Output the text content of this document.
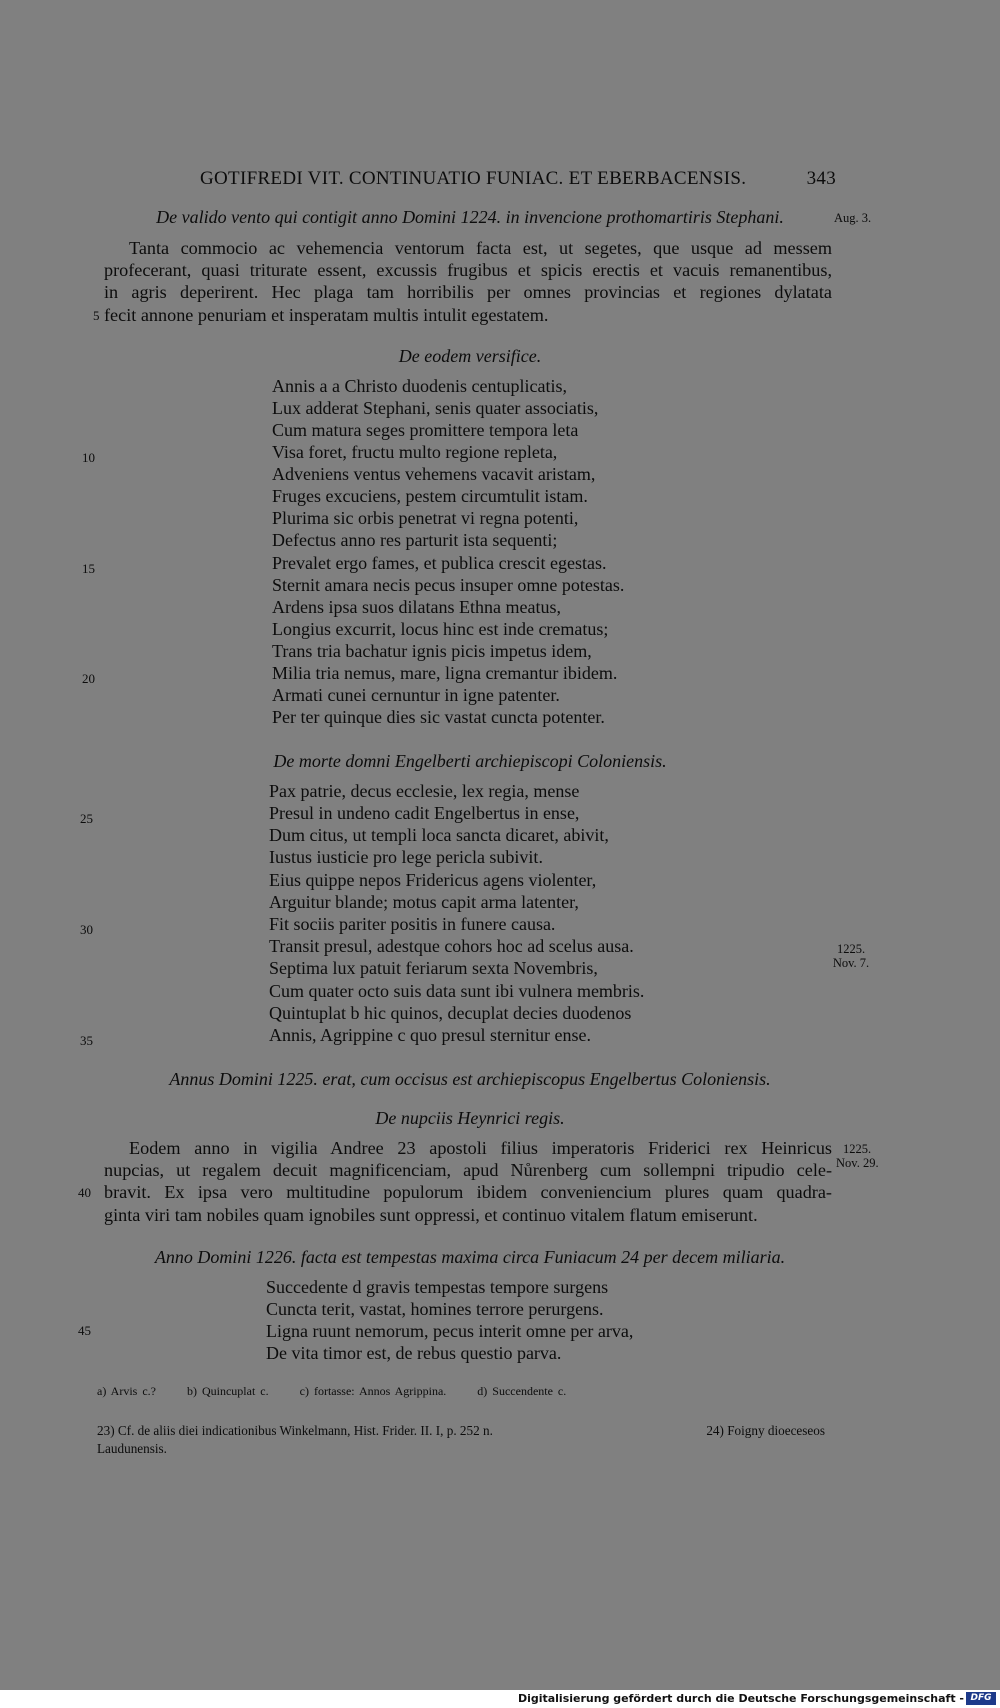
GOTIFREDI VIT. CONTINUATIO FUNIAC. ET EBERBACENSIS.	343
De valido vento qui contigit anno Domini 1224. in invencione prothomartiris Stephani.	Aug. 3.
Tanta commocio ac vehemencia ventorum facta est, ut segetes, que usque ad messem
profecerant, quasi triturate essent, excussis frugibus et spicis erectis et vacuis remanentibus,
in agris deperirent. Hec plaga tam horribilis per omnes provincias et regiones dylatata
fecit annone penuriam et insperatam multis intulit egestatem.
De eodem versifice.
Annis a a Christo duodenis centuplicatis,
Lux adderat Stephani, senis quater associatis,
Cum matura seges promittere tempora leta
Visa foret, fructu multo regione repleta,
Adveniens ventus vehemens vacavit aristam,
Fruges excuciens, pestem circumtulit istam.
Plurima sic orbis penetrat vi regna potenti,
Defectus anno res parturit ista sequenti;
Prevalet ergo fames, et publica crescit egestas.
Sternit amara necis pecus insuper omne potestas.
Ardens ipsa suos dilatans Ethna meatus,
Longius excurrit, locus hinc est inde crematus;
Trans tria bachatur ignis picis impetus idem,
Milia tria nemus, mare, ligna cremantur ibidem.
Armati cunei cernuntur in igne patenter.
Per ter quinque dies sic vastat cuncta potenter.
De morte domni Engelberti archiepiscopi Coloniensis.
Pax patrie, decus ecclesie, lex regia, mense
Presul in undeno cadit Engelbertus in ense,
Dum citus, ut templi loca sancta dicaret, abivit,
Iustus iusticie pro lege pericla subivit.
Eius quippe nepos Fridericus agens violenter,
Arguitur blande; motus capit arma latenter,
Fit sociis pariter positis in funere causa.
Transit presul, adestque cohors hoc ad scelus ausa.
Septima lux patuit feriarum sexta Novembris,
Cum quater octo suis data sunt ibi vulnera membris.
Quintuplat b hic quinos, decuplat decies duodenos
Annis, Agrippine c quo presul sternitur ense.
1225.
Nov. 7.
Annus Domini 1225. erat, cum occisus est archiepiscopus Engelbertus Coloniensis.
De nupciis Heynrici regis.
Eodem anno in vigilia Andree 23 apostoli filius imperatoris Friderici rex Heinricus
nupcias, ut regalem decuit magnificenciam, apud Nůrenberg cum sollempni tripudio cele-
bravit. Ex ipsa vero multitudine populorum ibidem conveniencium plures quam quadra-
ginta viri tam nobiles quam ignobiles sunt oppressi, et continuo vitalem flatum emiserunt.
1225.
Nov. 29.
Anno Domini 1226. facta est tempestas maxima circa Funiacum 24 per decem miliaria.
Succedente d gravis tempestas tempore surgens
Cuncta terit, vastat, homines terrore perurgens.
Ligna ruunt nemorum, pecus interit omne per arva,
De vita timor est, de rebus questio parva.
5
10
15
20
25
30
35
40
45
a) Arvis c.?	b) Quincuplat c.	c) fortasse: Annos Agrippina.	d) Succendente c.
23) Cf. de aliis diei indicationibus Winkelmann, Hist. Frider. II. I, p. 252 n.	24) Foigny dioeceseos
Laudunensis.
Digitalisierung gefördert durch die Deutsche Forschungsgemeinschaft - DFG
